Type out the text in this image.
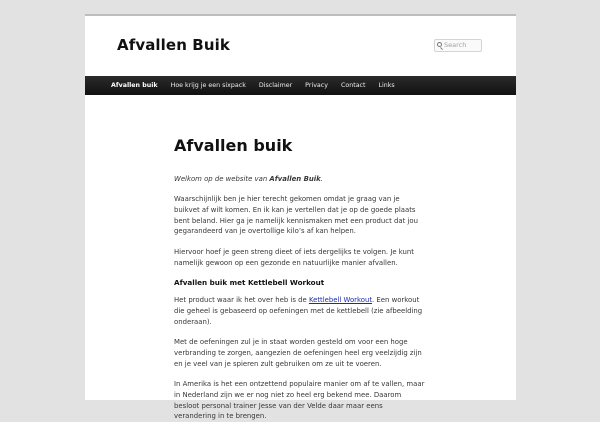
Afvallen Buik
Search
Afvallen buik Hoe krijg je een sixpack Disclaimer Privacy Contact Links
Afvallen buik

Welkom op de website van Afvallen Buik.

Waarschijnlijk ben je hier terecht gekomen omdat je graag van je buikvet af wilt komen. En ik kan je vertellen dat je op de goede plaats bent beland. Hier ga je namelijk kennismaken met een product dat jou gegarandeerd van je overtollige kilo’s af kan helpen.

Hiervoor hoef je geen streng dieet of iets dergelijks te volgen. Je kunt namelijk gewoon op een gezonde en natuurlijke manier afvallen.

Afvallen buik met Kettlebell Workout

Het product waar ik het over heb is de Kettlebell Workout. Een workout die geheel is gebaseerd op oefeningen met de kettlebell (zie afbeelding onderaan).

Met de oefeningen zul je in staat worden gesteld om voor een hoge verbranding te zorgen, aangezien de oefeningen heel erg veelzijdig zijn en je veel van je spieren zult gebruiken om ze uit te voeren.

In Amerika is het een ontzettend populaire manier om af te vallen, maar in Nederland zijn we er nog niet zo heel erg bekend mee. Daarom besloot personal trainer Jesse van der Velde daar maar eens verandering in te brengen.
